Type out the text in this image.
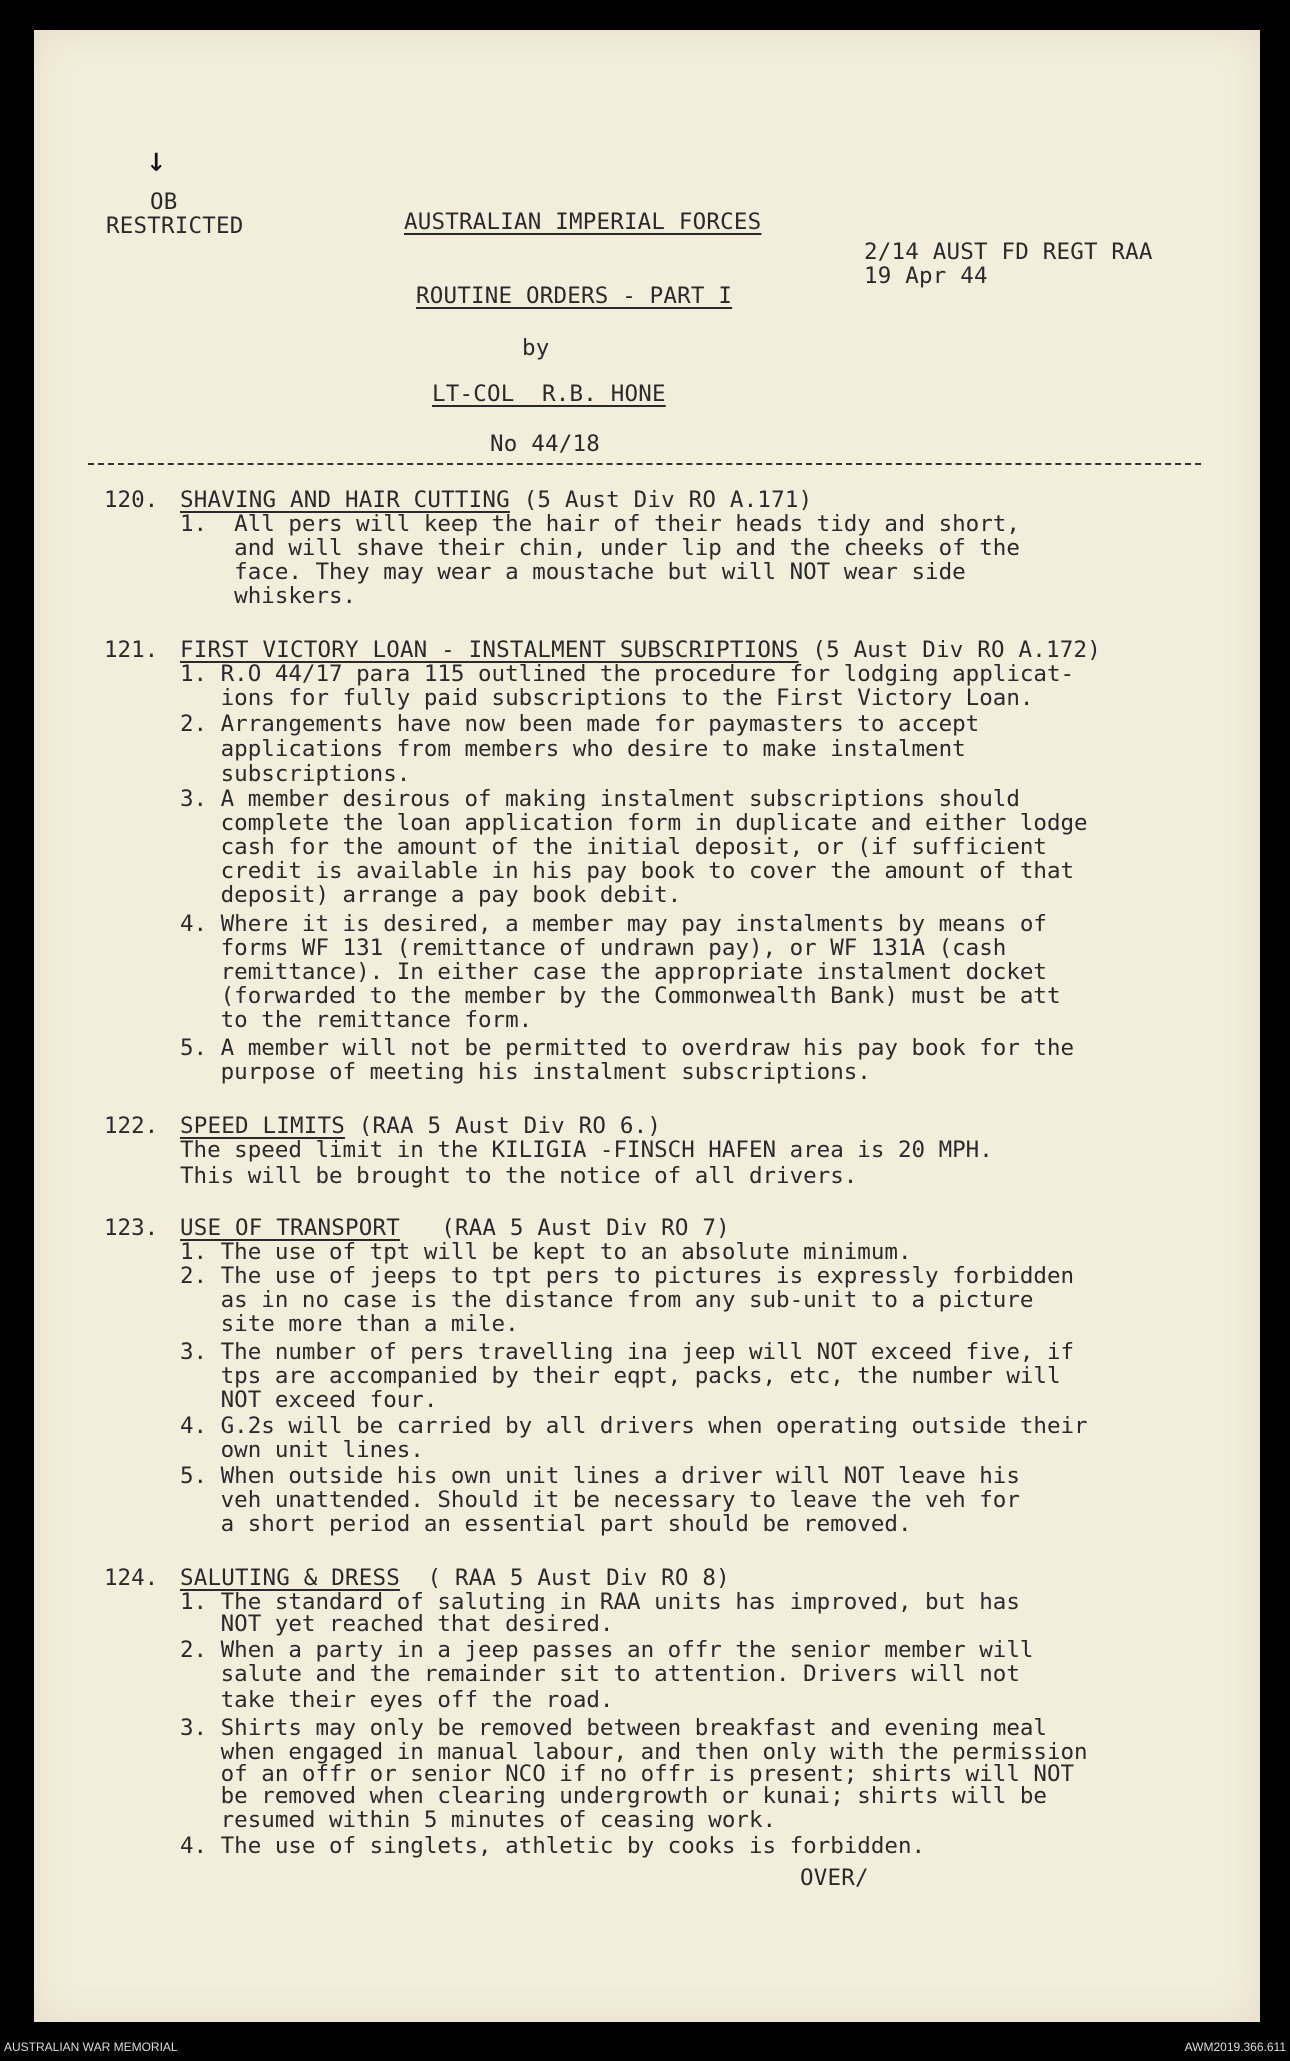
↓
OB
RESTRICTED	AUSTRALIAN IMPERIAL FORCES
2/14 AUST FD REGT RAA
19 Apr 44
ROUTINE ORDERS - PART I
by
LT-COL  R.B. HONE
No 44/18
120. SHAVING AND HAIR CUTTING (5 Aust Div RO A.171)
1.  All pers will keep the hair of their heads tidy and short,
and will shave their chin, under lip and the cheeks of the
face. They may wear a moustache but will NOT wear side
whiskers.
121. FIRST VICTORY LOAN - INSTALMENT SUBSCRIPTIONS (5 Aust Div RO A.172)
1. R.O 44/17 para 115 outlined the procedure for lodging applicat-
ions for fully paid subscriptions to the First Victory Loan.
2. Arrangements have now been made for paymasters to accept
applications from members who desire to make instalment
subscriptions.
3. A member desirous of making instalment subscriptions should
complete the loan application form in duplicate and either lodge
cash for the amount of the initial deposit, or (if sufficient
credit is available in his pay book to cover the amount of that
deposit) arrange a pay book debit.
4. Where it is desired, a member may pay instalments by means of
forms WF 131 (remittance of undrawn pay), or WF 131A (cash
remittance). In either case the appropriate instalment docket
(forwarded to the member by the Commonwealth Bank) must be att
to the remittance form.
5. A member will not be permitted to overdraw his pay book for the
purpose of meeting his instalment subscriptions.
122. SPEED LIMITS (RAA 5 Aust Div RO 6.)
The speed limit in the KILIGIA -FINSCH HAFEN area is 20 MPH.
This will be brought to the notice of all drivers.
123. USE OF TRANSPORT   (RAA 5 Aust Div RO 7)
1. The use of tpt will be kept to an absolute minimum.
2. The use of jeeps to tpt pers to pictures is expressly forbidden
as in no case is the distance from any sub-unit to a picture
site more than a mile.
3. The number of pers travelling ina jeep will NOT exceed five, if
tps are accompanied by their eqpt, packs, etc, the number will
NOT exceed four.
4. G.2s will be carried by all drivers when operating outside their
own unit lines.
5. When outside his own unit lines a driver will NOT leave his
veh unattended. Should it be necessary to leave the veh for
a short period an essential part should be removed.
124. SALUTING & DRESS  ( RAA 5 Aust Div RO 8)
1. The standard of saluting in RAA units has improved, but has
NOT yet reached that desired.
2. When a party in a jeep passes an offr the senior member will
salute and the remainder sit to attention. Drivers will not
take their eyes off the road.
3. Shirts may only be removed between breakfast and evening meal
when engaged in manual labour, and then only with the permission
of an offr or senior NCO if no offr is present; shirts will NOT
be removed when clearing undergrowth or kunai; shirts will be
resumed within 5 minutes of ceasing work.
4. The use of singlets, athletic by cooks is forbidden.
OVER/
AUSTRALIAN WAR MEMORIAL	AWM2019.366.611
